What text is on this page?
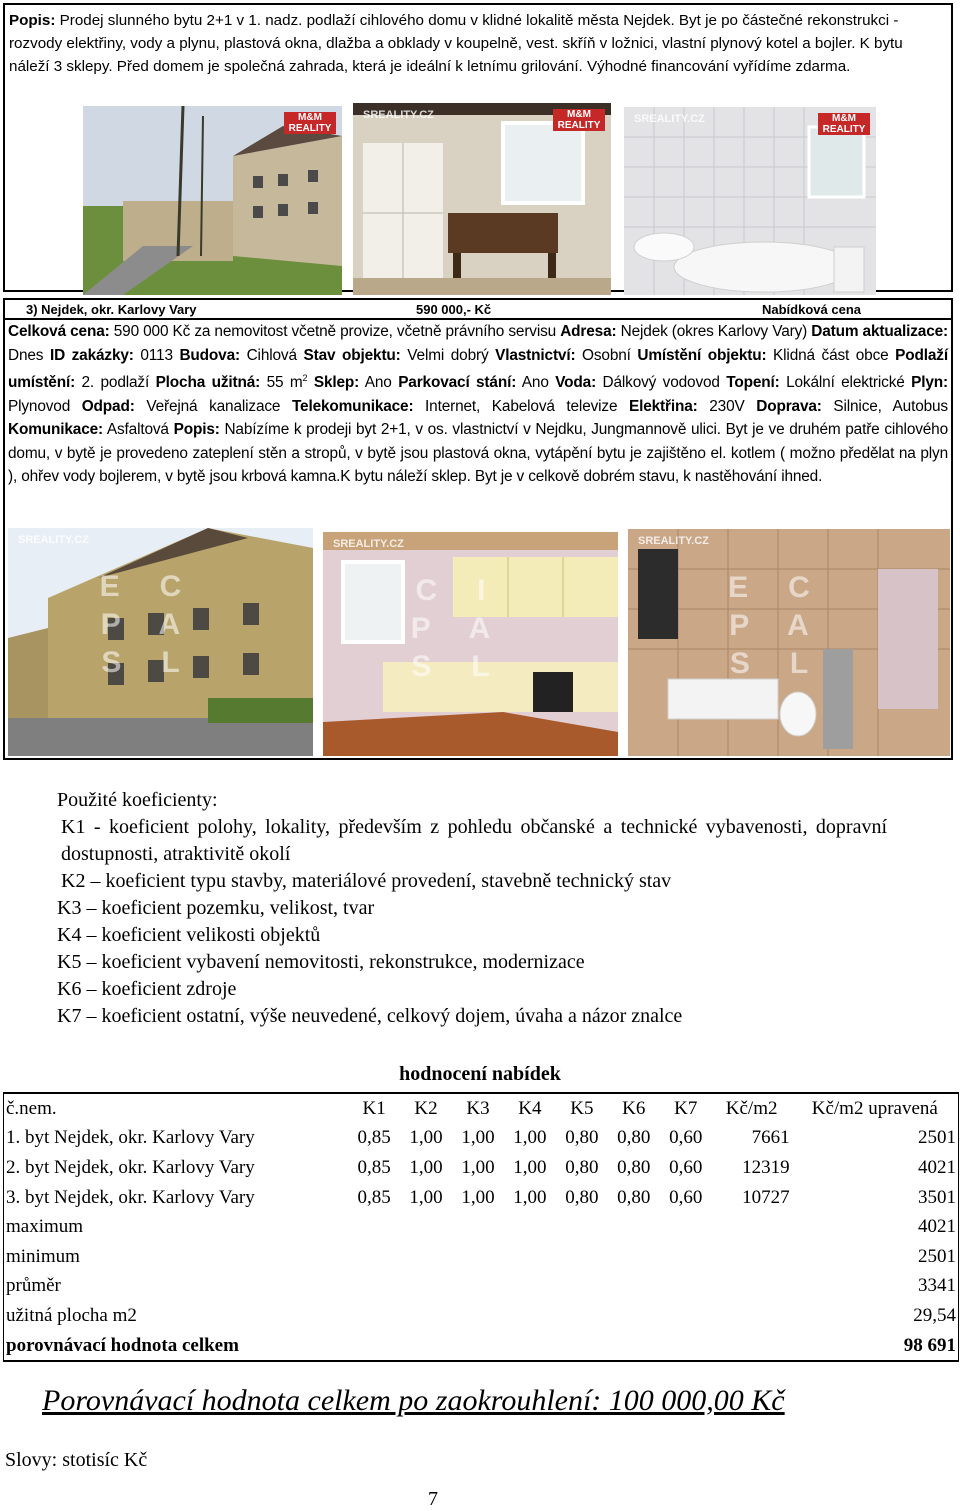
Popis: Prodej slunného bytu 2+1 v 1. nadz. podlaží cihlového domu v klidné lokalitě města Nejdek. Byt je po částečné rekonstrukci - rozvody elektřiny, vody a plynu, plastová okna, dlažba a obklady v koupelně, vest. skříň v ložnici, vlastní plynový kotel a bojler. K bytu náleží 3 sklepy. Před domem je společná zahrada, která je ideální k letnímu grilování. Výhodné financování vyřídíme zdarma.
M&M
REALITY
SREALITY.CZ	M&M
REALITY
SREALITY.CZ	M&M
REALITY
3) Nejdek, okr. Karlovy Vary	590 000,- Kč	Nabídková cena
Celková cena: 590 000 Kč za nemovitost včetně provize, včetně právního servisu Adresa: Nejdek (okres Karlovy Vary) Datum aktualizace: Dnes ID zakázky: 0113 Budova: Cihlová Stav objektu: Velmi dobrý Vlastnictví: Osobní Umístění objektu: Klidná část obce Podlaží umístění: 2. podlaží Plocha užitná: 55 $m^2$ Sklep: Ano Parkovací stání: Ano Voda: Dálkový vodovod Topení: Lokální elektrické Plyn: Plynovod Odpad: Veřejná kanalizace Telekomunikace: Internet, Kabelová televize Elektřina: 230V Doprava: Silnice, Autobus Komunikace: Asfaltová Popis: Nabízíme k prodeji byt 2+1, v os. vlastnictví v Nejdku, Jungmannově ulici. Byt je ve druhém patře cihlového domu, v bytě je provedeno zateplení stěn a stropů, v bytě jsou plastová okna, vytápění bytu je zajištěno el. kotlem ( možno předělat na plyn ), ohřev vody bojlerem, v bytě jsou krbová kamna.K bytu náleží sklep. Byt je v celkově dobrém stavu, k nastěhování ihned.
SREALITY.CZ
EC
PA
SL
SREALITY.CZ
CI
PA
SL
SREALITY.CZ
EC
PA
SL
Použité koeficienty:
K1 - koeficient polohy, lokality, především z pohledu občanské a technické vybavenosti, dopravní dostupnosti, atraktivitě okolí
K2 – koeficient typu stavby, materiálové provedení, stavebně technický stav
K3 – koeficient pozemku, velikost, tvar
K4 – koeficient velikosti objektů
K5 – koeficient vybavení nemovitosti, rekonstrukce, modernizace
K6 – koeficient zdroje
K7 – koeficient ostatní, výše neuvedené, celkový dojem, úvaha a názor znalce
hodnocení nabídek
č.nem.	K1	K2	K3	K4	K5	K6	K7	Kč/m2	Kč/m2 upravená
1. byt Nejdek, okr. Karlovy Vary	0,85	1,00	1,00	1,00	0,80	0,80	0,60	7661	2501
2. byt Nejdek, okr. Karlovy Vary	0,85	1,00	1,00	1,00	0,80	0,80	0,60	12319	4021
3. byt Nejdek, okr. Karlovy Vary	0,85	1,00	1,00	1,00	0,80	0,80	0,60	10727	3501
maximum									4021
minimum									2501
průměr									3341
užitná plocha m2									29,54
porovnávací hodnota celkem									98 691
Porovnávací hodnota celkem po zaokrouhlení: 100 000,00 Kč
Slovy: stotisíc Kč
7
